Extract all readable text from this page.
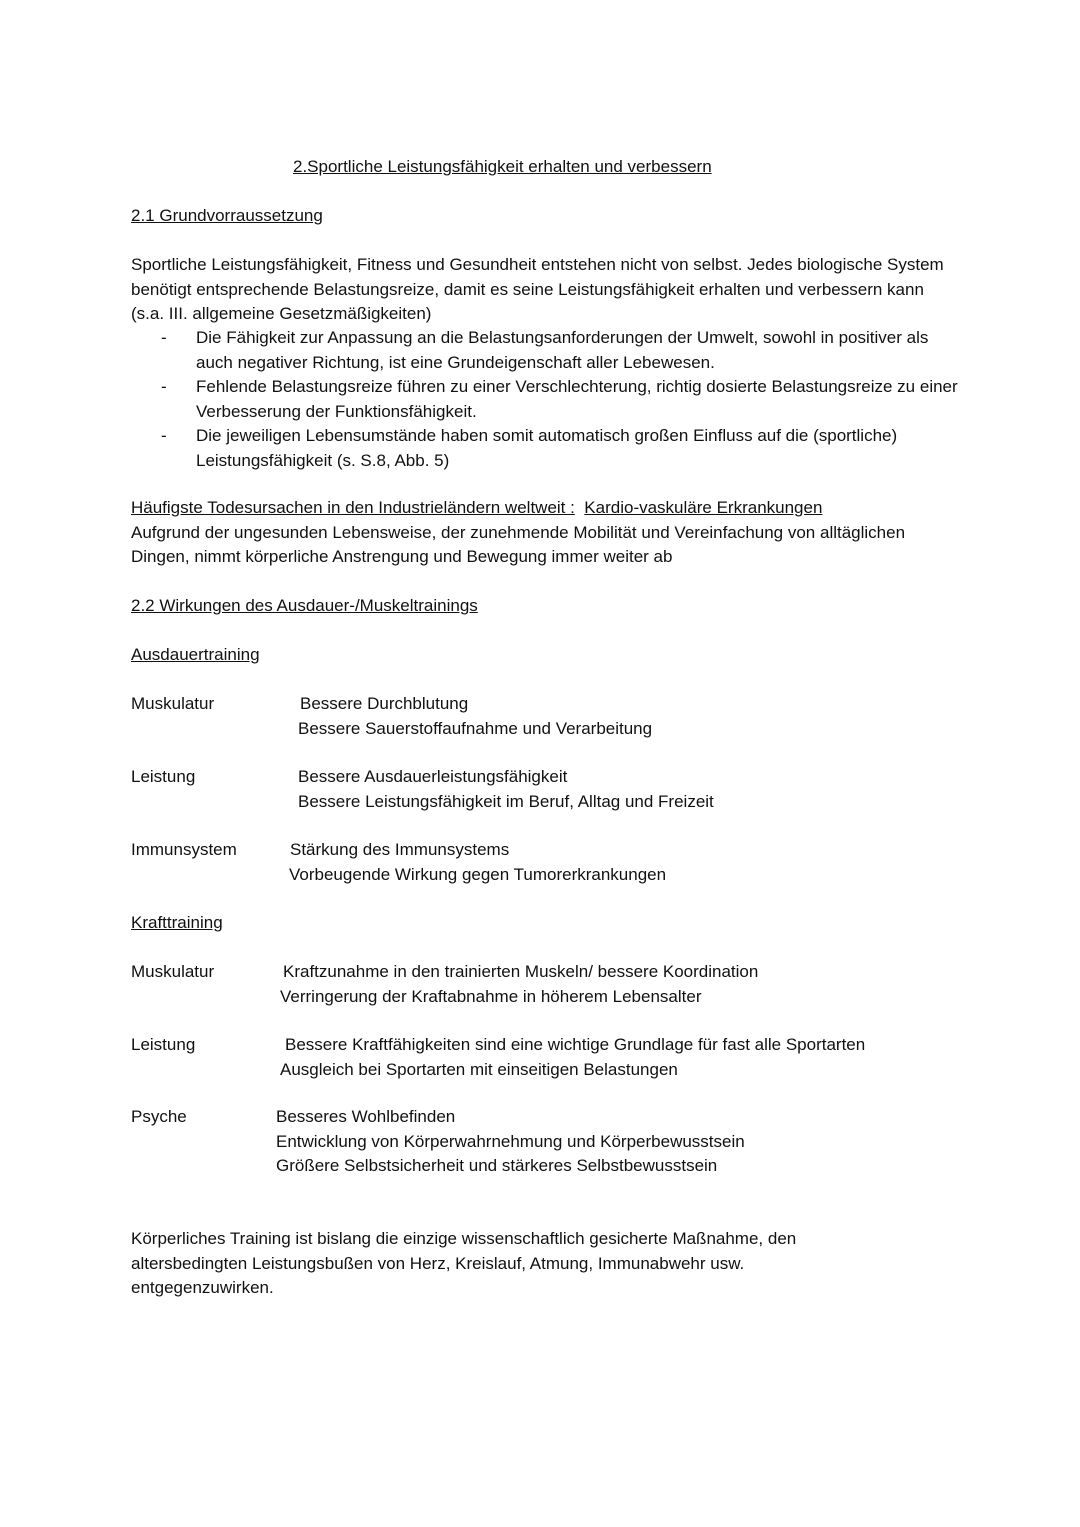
2.Sportliche Leistungsfähigkeit erhalten und verbessern
2.1 Grundvorraussetzung
Sportliche Leistungsfähigkeit, Fitness und Gesundheit entstehen nicht von selbst. Jedes biologische System benötigt entsprechende Belastungsreize, damit es seine Leistungsfähigkeit erhalten und verbessern kann (s.a. III. allgemeine Gesetzmäßigkeiten)
- Die Fähigkeit zur Anpassung an die Belastungsanforderungen der Umwelt, sowohl in positiver als auch negativer Richtung, ist eine Grundeigenschaft aller Lebewesen.
- Fehlende Belastungsreize führen zu einer Verschlechterung, richtig dosierte Belastungsreize zu einer Verbesserung der Funktionsfähigkeit.
- Die jeweiligen Lebensumstände haben somit automatisch großen Einfluss auf die (sportliche) Leistungsfähigkeit (s. S.8, Abb. 5)
Häufigste Todesursachen in den Industrieländern weltweit : Kardio-vaskuläre Erkrankungen
Aufgrund der ungesunden Lebensweise, der zunehmende Mobilität und Vereinfachung von alltäglichen Dingen, nimmt körperliche Anstrengung und Bewegung immer weiter ab
2.2 Wirkungen des Ausdauer-/Muskeltrainings
Ausdauertraining
Muskulatur	Bessere Durchblutung
Bessere Sauerstoffaufnahme und Verarbeitung
Leistung	Bessere Ausdauerleistungsfähigkeit
Bessere Leistungsfähigkeit im Beruf, Alltag und Freizeit
Immunsystem	Stärkung des Immunsystems
Vorbeugende Wirkung gegen Tumorerkrankungen
Krafttraining
Muskulatur	Kraftzunahme in den trainierten Muskeln/ bessere Koordination
Verringerung der Kraftabnahme in höherem Lebensalter
Leistung	Bessere Kraftfähigkeiten sind eine wichtige Grundlage für fast alle Sportarten
Ausgleich bei Sportarten mit einseitigen Belastungen
Psyche	Besseres Wohlbefinden
Entwicklung von Körperwahrnehmung und Körperbewusstsein
Größere Selbstsicherheit und stärkeres Selbstbewusstsein
Körperliches Training ist bislang die einzige wissenschaftlich gesicherte Maßnahme, den altersbedingten Leistungsbußen von Herz, Kreislauf, Atmung, Immunabwehr usw. entgegenzuwirken.
